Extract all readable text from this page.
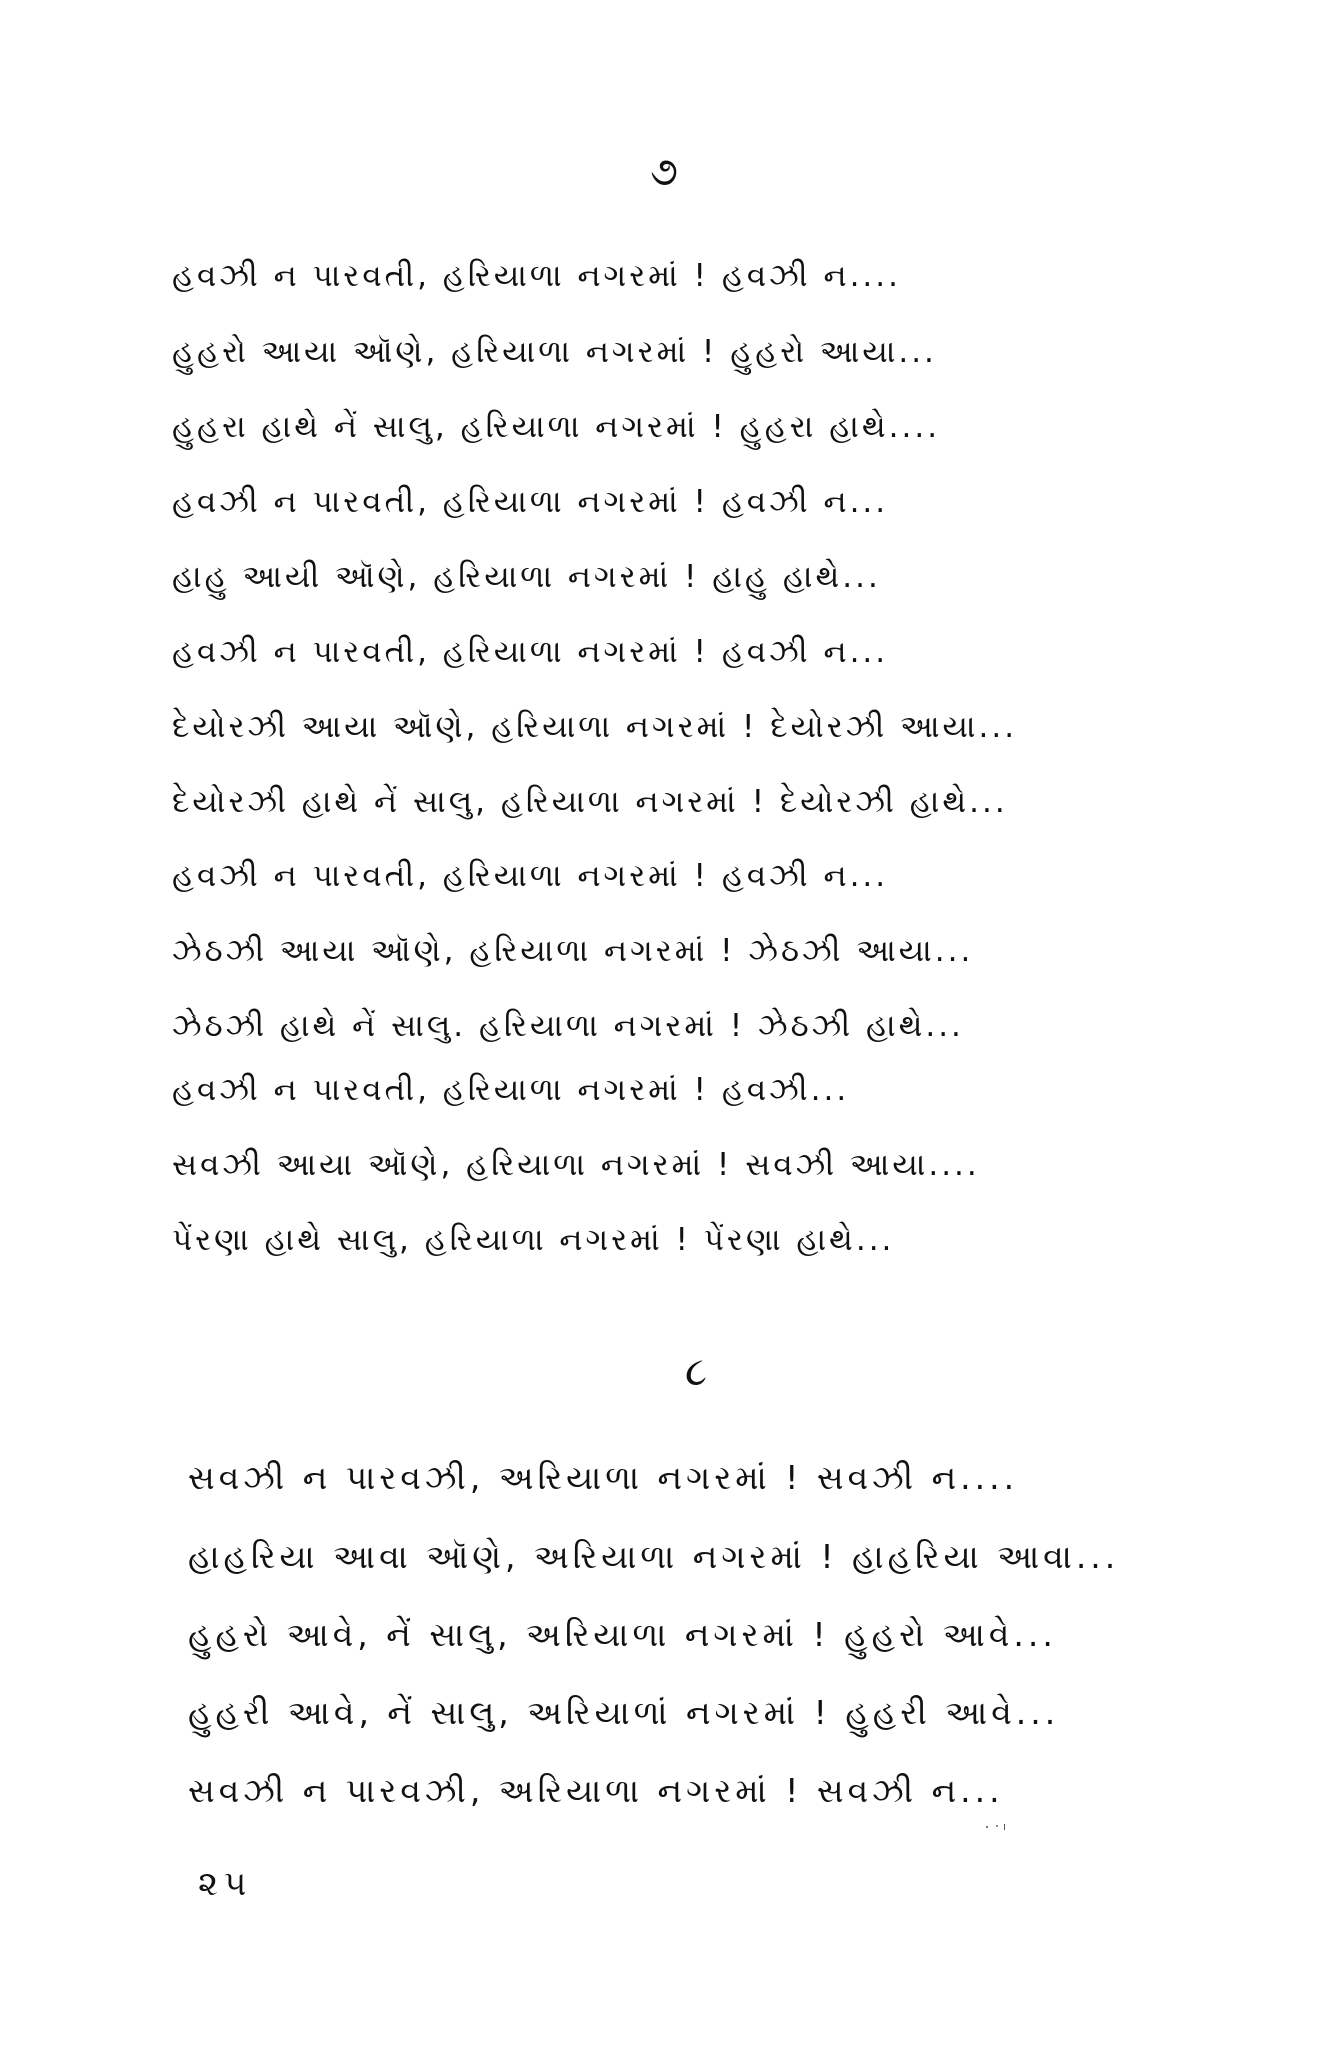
૭
હવઝી ન પારવતી, હરિયાળા નગરમાં ! હવઝી ન....
હુહરો આયા ઑણે, હરિયાળા નગરમાં ! હુહરો આયા...
હુહરા હાથે નેં સાલુ, હરિયાળા નગરમાં ! હુહરા હાથે....
હવઝી ન પારવતી, હરિયાળા નગરમાં ! હવઝી ન...
હાહુ આયી ઑણે, હરિયાળા નગરમાં ! હાહુ હાથે...
હવઝી ન પારવતી, હરિયાળા નગરમાં ! હવઝી ન...
દેયોરઝી આયા ઑણે, હરિયાળા નગરમાં ! દેયોરઝી આયા...
દેયોરઝી હાથે નેં સાલુ, હરિયાળા નગરમાં ! દેયોરઝી હાથે...
હવઝી ન પારવતી, હરિયાળા નગરમાં ! હવઝી ન...
ઝેઠઝી આયા ઑણે, હરિયાળા નગરમાં ! ઝેઠઝી આયા...
ઝેઠઝી હાથે નેં સાલુ. હરિયાળા નગરમાં ! ઝેઠઝી હાથે...
હવઝી ન પારવતી, હરિયાળા નગરમાં ! હવઝી...
સવઝી આયા ઑણે, હરિયાળા નગરમાં ! સવઝી આયા....
પેંરણા હાથે સાલુ, હરિયાળા નગરમાં ! પેંરણા હાથે...
૮
સવઝી ન પારવઝી, અરિયાળા નગરમાં ! સવઝી ન....
હાહરિયા આવા ઑણે, અરિયાળા નગરમાં ! હાહરિયા આવા...
હુહરો આવે, નેં સાલુ, અરિયાળા નગરમાં ! હુહરો આવે...
હુહરી આવે, નેં સાલુ, અરિયાળાં નગરમાં ! હુહરી આવે...
સવઝી ન પારવઝી, અરિયાળા નગરમાં ! સવઝી ન...
૨૫
